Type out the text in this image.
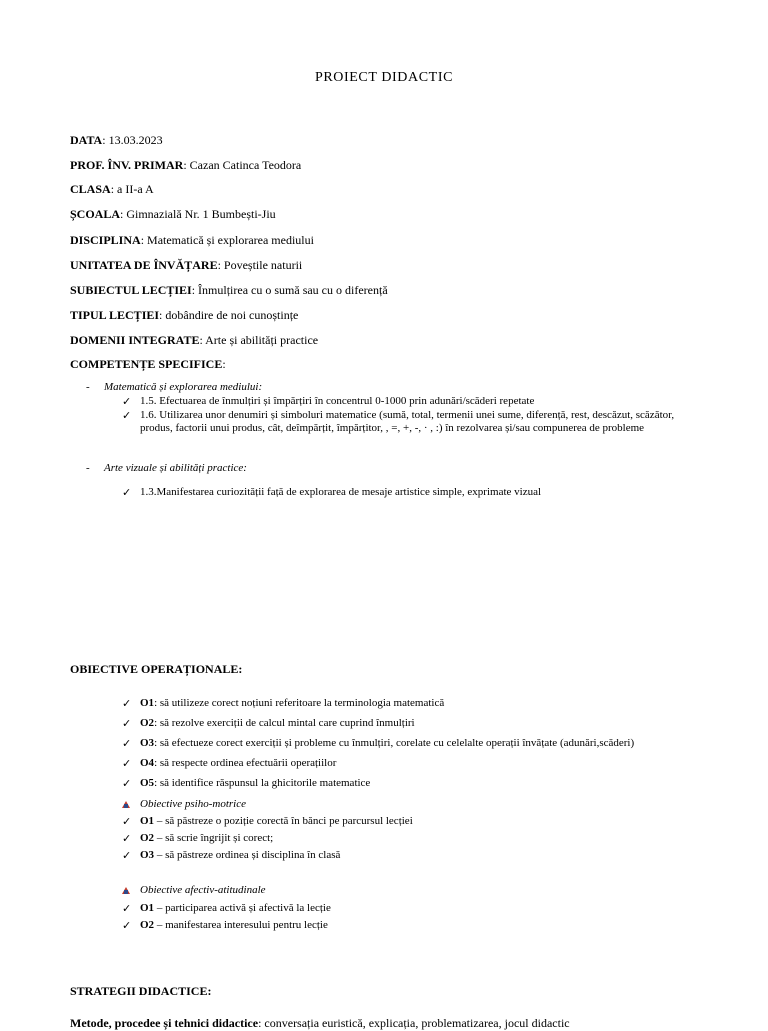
PROIECT DIDACTIC
DATA: 13.03.2023
PROF. ÎNV. PRIMAR: Cazan Catinca Teodora
CLASA: a II-a A
ȘCOALA: Gimnazială Nr. 1 Bumbești-Jiu
DISCIPLINA: Matematică și explorarea mediului
UNITATEA DE ÎNVĂȚARE: Poveștile naturii
SUBIECTUL LECȚIEI: Înmulțirea cu o sumă sau cu o diferență
TIPUL LECȚIEI: dobândire de noi cunoștințe
DOMENII INTEGRATE: Arte și abilități practice
COMPETENȚE SPECIFICE:
- Matematică și explorarea mediului:
✓ 1.5. Efectuarea de înmulțiri și împărțiri în concentrul 0-1000 prin adunări/scăderi repetate
✓ 1.6. Utilizarea unor denumiri și simboluri matematice (sumă, total, termenii unei sume, diferență, rest, descăzut, scăzător, produs, factorii unui produs, cât, deîmpărțit, împărțitor, , =, +, -, · , :) în rezolvarea și/sau compunerea de probleme
- Arte vizuale și abilități practice:
✓ 1.3.Manifestarea curiozității față de explorarea de mesaje artistice simple, exprimate vizual
OBIECTIVE OPERAȚIONALE:
✓ O1: să utilizeze corect noțiuni referitoare la terminologia matematică
✓ O2: să rezolve exerciții de calcul mintal care cuprind înmulțiri
✓ O3: să efectueze corect exerciții și probleme cu înmulțiri, corelate cu celelalte operații învățate (adunări,scăderi)
✓ O4: să respecte ordinea efectuării operațiilor
✓ O5: să identifice răspunsul la ghicitorile matematice
Obiective psiho-motrice
✓ O1 – să păstreze o poziție corectă în bănci pe parcursul lecției
✓ O2 – să scrie îngrijit și corect;
✓ O3 – să păstreze ordinea și disciplina în clasă
Obiective afectiv-atitudinale
✓ O1 – participarea activă și afectivă la lecție
✓ O2 – manifestarea interesului pentru lecție
STRATEGII DIDACTICE:
Metode, procedee și tehnici didactice: conversația euristică, explicația, problematizarea, jocul didactic
